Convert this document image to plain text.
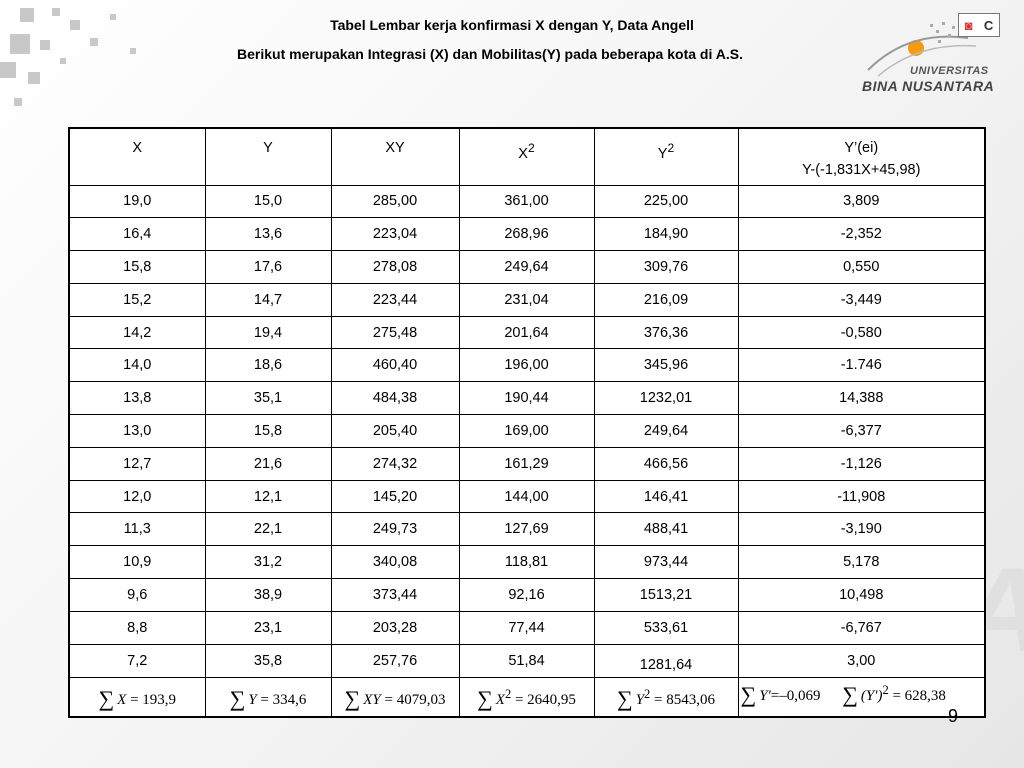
Tabel Lembar kerja konfirmasi X dengan Y, Data Angell
Berikut merupakan Integrasi (X) dan Mobilitas(Y) pada beberapa kota di A.S.
◙ C
UNIVERSITAS
BINA NUSANTARA
X	Y	XY	$X^2$	$Y^2$	Y’(ei)
Y-(-1,831X+45,98)
19,0	15,0	285,00	361,00	225,00	3,809
16,4	13,6	223,04	268,96	184,90	-2,352
15,8	17,6	278,08	249,64	309,76	0,550
15,2	14,7	223,44	231,04	216,09	-3,449
14,2	19,4	275,48	201,64	376,36	-0,580
14,0	18,6	460,40	196,00	345,96	-1.746
13,8	35,1	484,38	190,44	1232,01	14,388
13,0	15,8	205,40	169,00	249,64	-6,377
12,7	21,6	274,32	161,29	466,56	-1,126
12,0	12,1	145,20	144,00	146,41	-11,908
11,3	22,1	249,73	127,69	488,41	-3,190
10,9	31,2	340,08	118,81	973,44	5,178
9,6	38,9	373,44	92,16	1513,21	10,498
8,8	23,1	203,28	77,44	533,61	-6,767
7,2	35,8	257,76	51,84	1281,64	3,00
∑ X = 193,9	∑ Y = 334,6	∑ XY = 4079,03	∑ $X^2 = 2640,95$	∑ $Y^2 = 8543,06$	∑ Y'=–0,069 ∑ $(Y')^2 = 628,38$
9
